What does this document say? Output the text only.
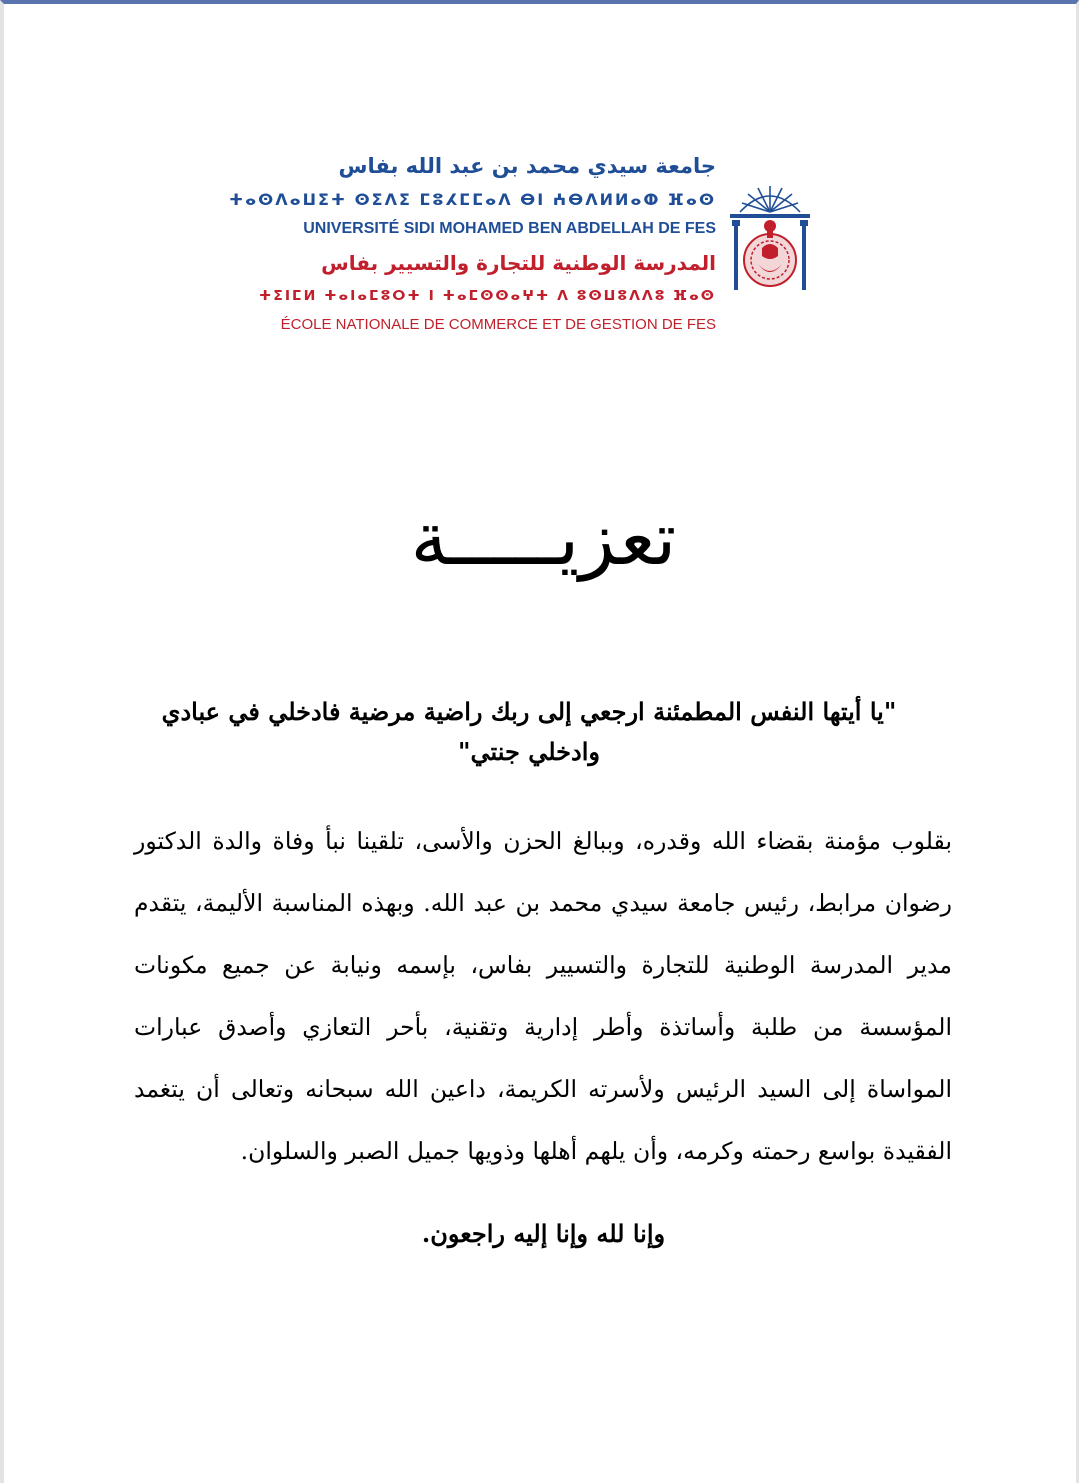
جامعة سيدي محمد بن عبد الله بفاس
ⵜⴰⵙⴷⴰⵡⵉⵜ ⵙⵉⴷⵉ ⵎⵓⵃⵎⵎⴰⴷ ⴱⵏ ⵄⴱⴷⵍⵍⴰⵀ ⴼⴰⵙ
UNIVERSITÉ SIDI MOHAMED BEN ABDELLAH DE FES
المدرسة الوطنية للتجارة والتسيير بفاس
ⵜⵉⵏⵎⵍ ⵜⴰⵏⴰⵎⵓⵔⵜ ⵏ ⵜⴰⵎⵙⵙⴰⵖⵜ ⴷ ⵓⵙⵡⵓⴷⴷⵓ ⴼⴰⵙ
ÉCOLE NATIONALE DE COMMERCE ET DE GESTION DE FES
تعزيـــــة
"يا أيتها النفس المطمئنة ارجعي إلى ربك راضية مرضية فادخلي في عبادي وادخلي جنتي"
بقلوب مؤمنة بقضاء الله وقدره، وببالغ الحزن والأسى، تلقينا نبأ وفاة والدة الدكتور رضوان مرابط، رئيس جامعة سيدي محمد بن عبد الله. وبهذه المناسبة الأليمة، يتقدم مدير المدرسة الوطنية للتجارة والتسيير بفاس، بإسمه ونيابة عن جميع مكونات المؤسسة من طلبة وأساتذة وأطر إدارية وتقنية، بأحر التعازي وأصدق عبارات المواساة إلى السيد الرئيس ولأسرته الكريمة، داعين الله سبحانه وتعالى أن يتغمد الفقيدة بواسع رحمته وكرمه، وأن يلهم أهلها وذويها جميل الصبر والسلوان.
وإنا لله وإنا إليه راجعون.
